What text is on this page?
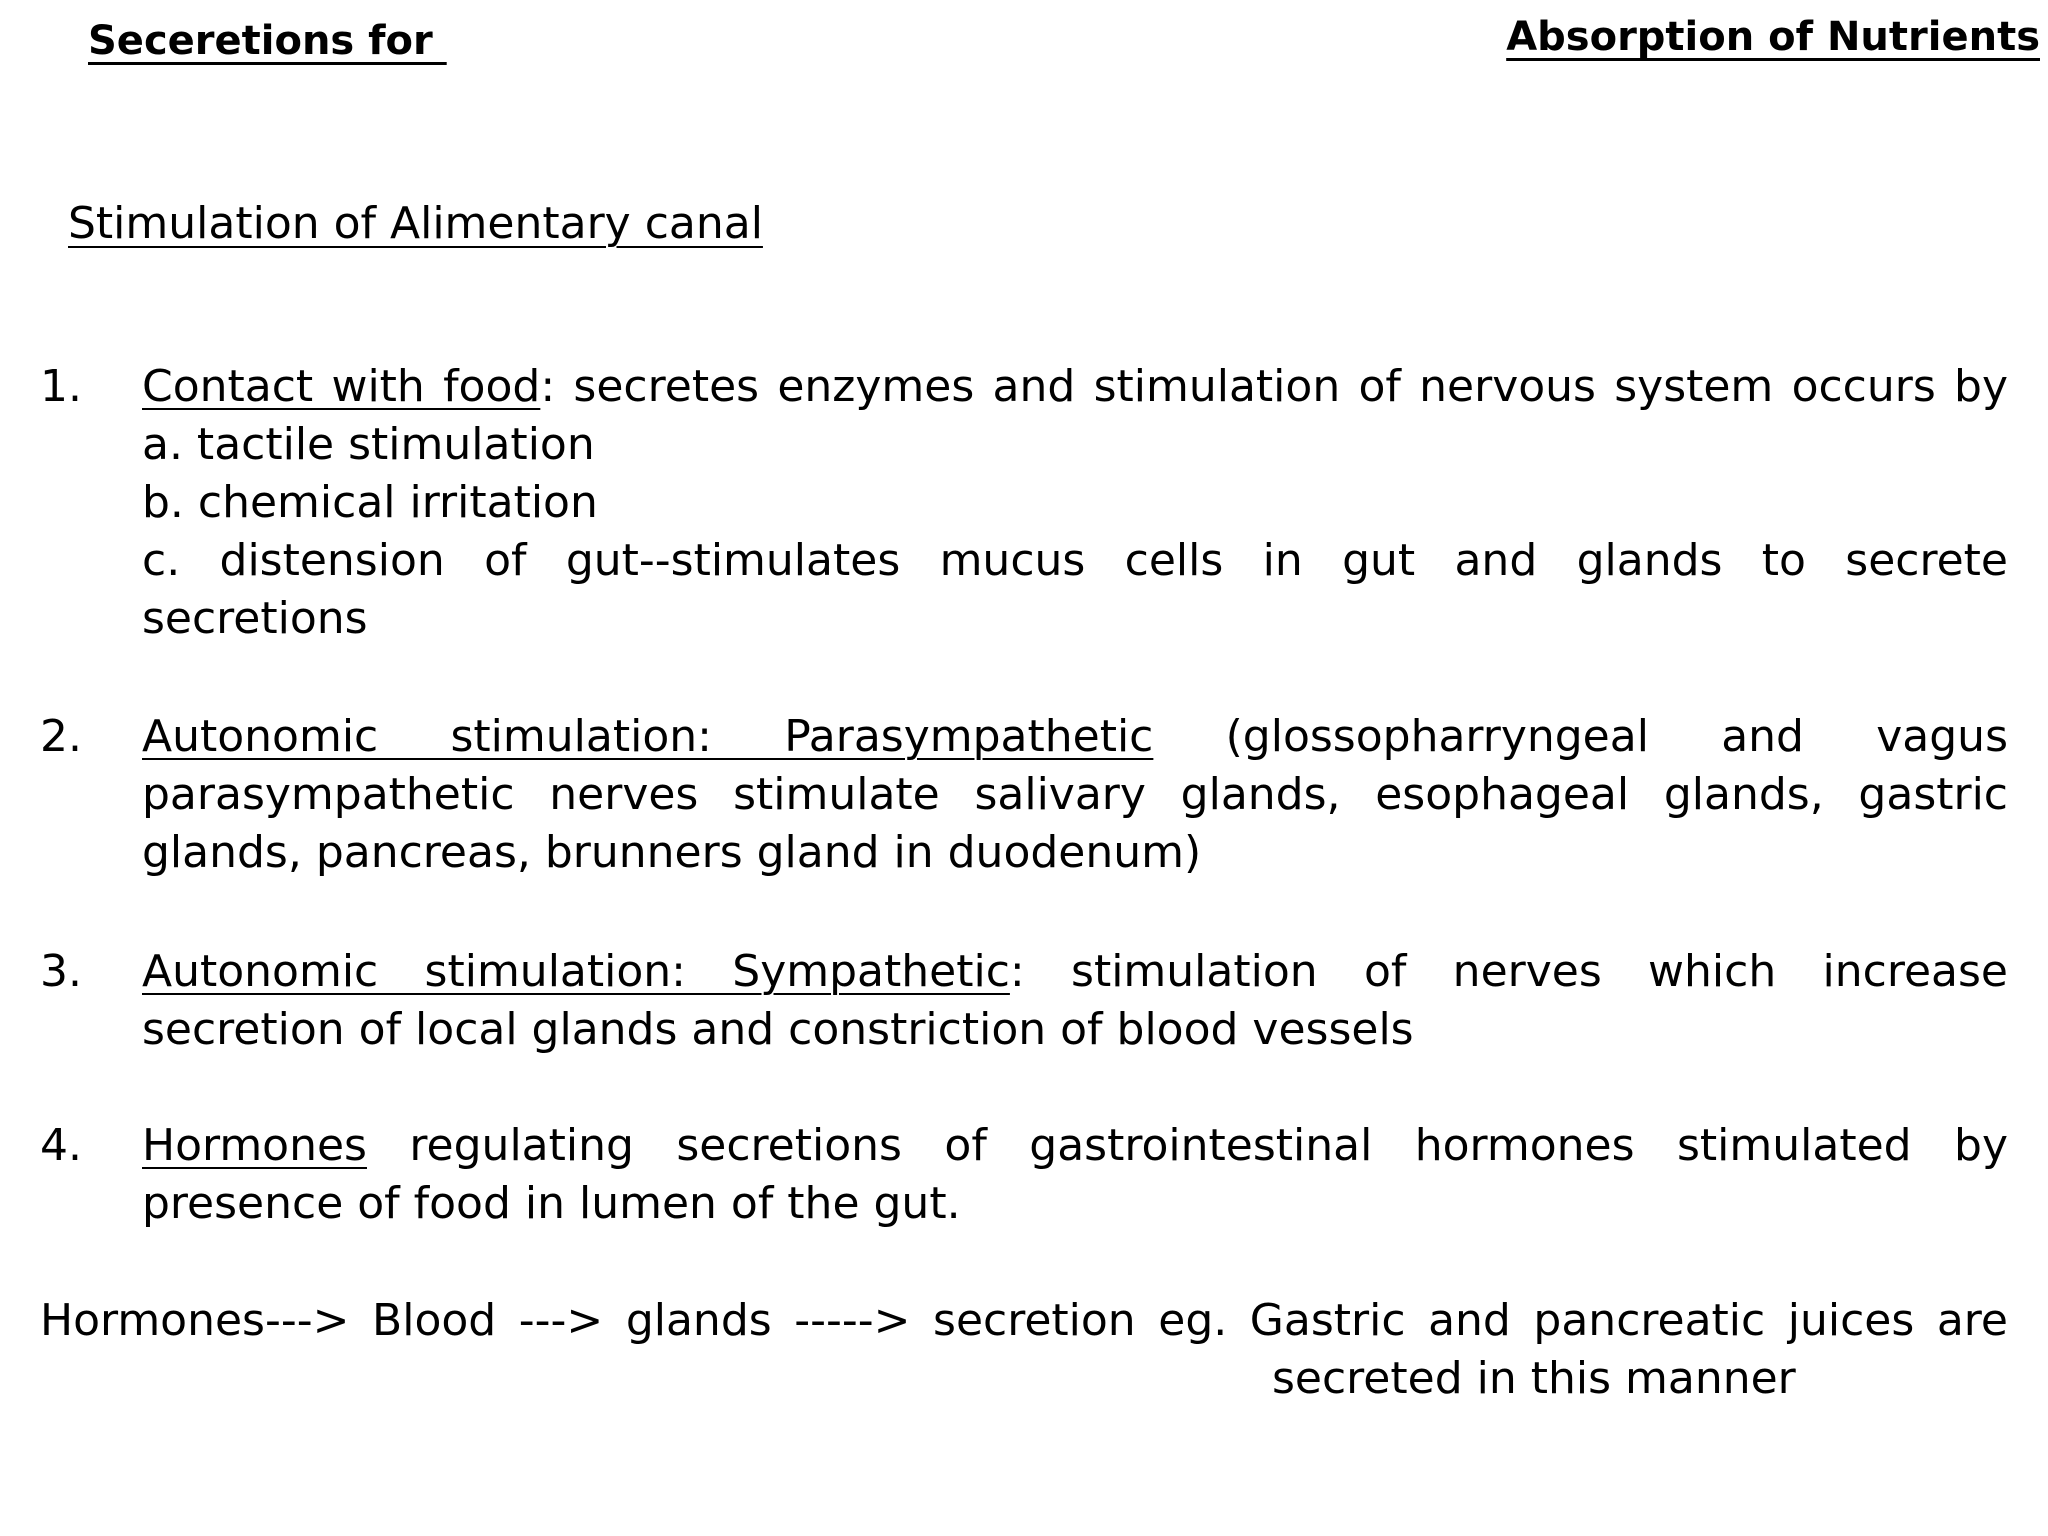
Seceretions for	Absorption of Nutrients
Stimulation of Alimentary canal
1. Contact with food: secretes enzymes and stimulation of nervous system occurs by
a. tactile stimulation
b. chemical irritation
c. distension of gut--stimulates mucus cells in gut and glands to secrete
secretions
2. Autonomic stimulation: Parasympathetic (glossopharryngeal and vagus
parasympathetic nerves stimulate salivary glands, esophageal glands, gastric
glands, pancreas, brunners gland in duodenum)
3. Autonomic stimulation: Sympathetic: stimulation of nerves which increase
secretion of local glands and constriction of blood vessels
4. Hormones regulating secretions of gastrointestinal hormones stimulated by
presence of food in lumen of the gut.
Hormones---> Blood ---> glands -----> secretion eg. Gastric and pancreatic juices are
secreted in this manner
